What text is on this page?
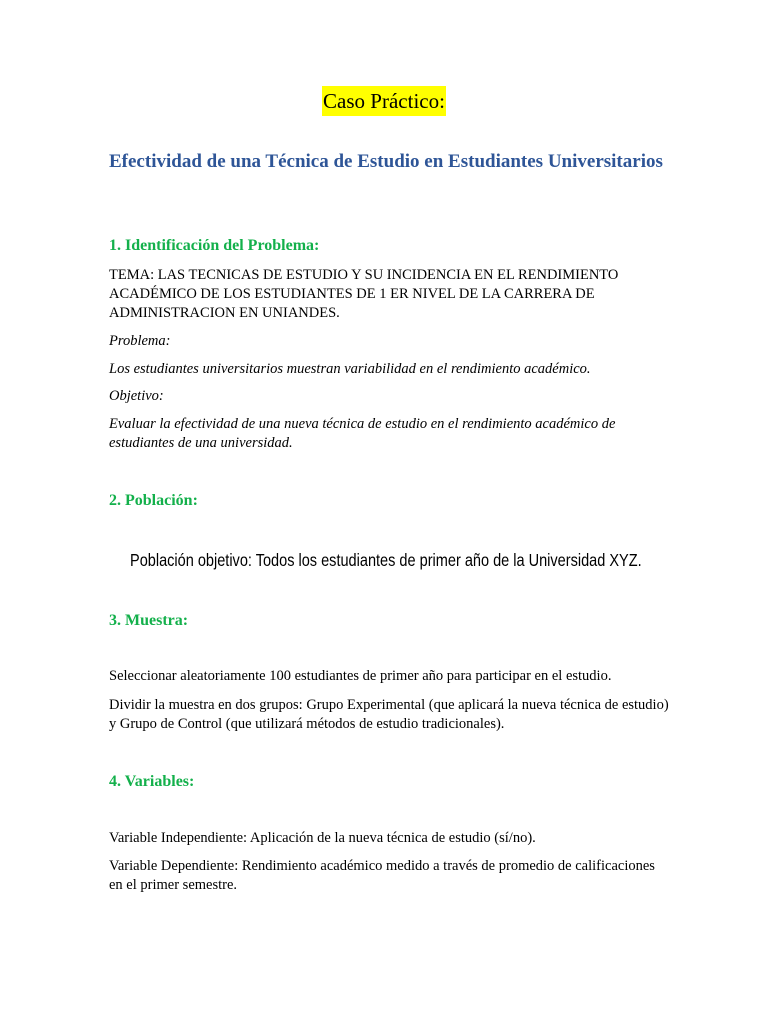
Caso Práctico:
Efectividad de una Técnica de Estudio en Estudiantes Universitarios
1. Identificación del Problema:
TEMA: LAS TECNICAS DE ESTUDIO Y SU INCIDENCIA EN EL RENDIMIENTO ACADÉMICO DE LOS ESTUDIANTES DE 1 ER NIVEL DE LA CARRERA DE ADMINISTRACION EN UNIANDES.
Problema:
Los estudiantes universitarios muestran variabilidad en el rendimiento académico.
Objetivo:
Evaluar la efectividad de una nueva técnica de estudio en el rendimiento académico de estudiantes de una universidad.
2. Población:
Población objetivo: Todos los estudiantes de primer año de la Universidad XYZ.
3. Muestra:
Seleccionar aleatoriamente 100 estudiantes de primer año para participar en el estudio.
Dividir la muestra en dos grupos: Grupo Experimental (que aplicará la nueva técnica de estudio) y Grupo de Control (que utilizará métodos de estudio tradicionales).
4. Variables:
Variable Independiente: Aplicación de la nueva técnica de estudio (sí/no).
Variable Dependiente: Rendimiento académico medido a través de promedio de calificaciones en el primer semestre.
